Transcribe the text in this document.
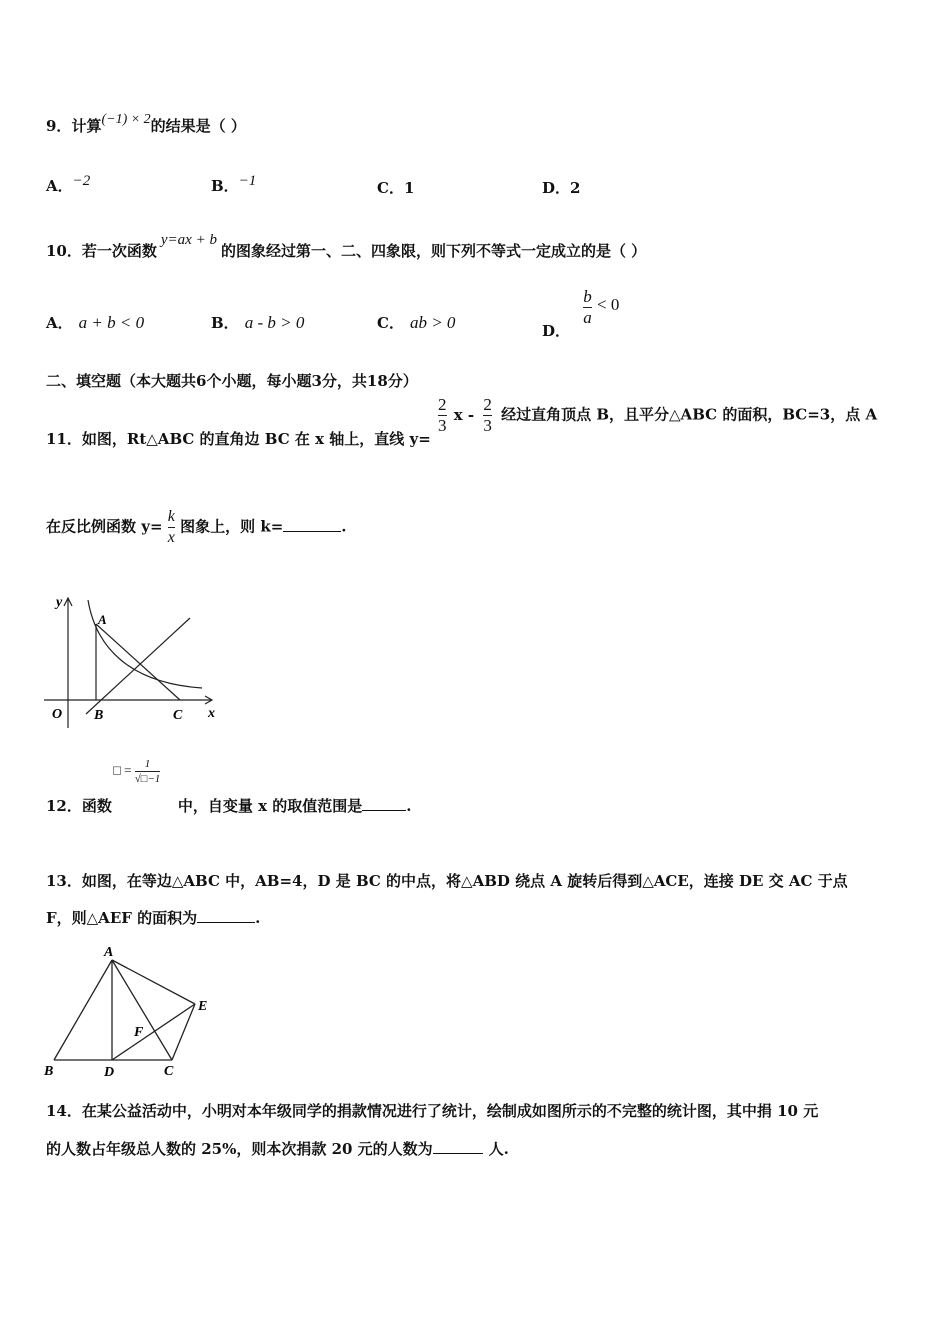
9．计算(−1) × 2的结果是（ ）
A．−2	B．−1	C．1	D．2
10．若一次函数y=ax + b的图象经过第一、二、四象限，则下列不等式一定成立的是（ ）
A． a + b < 0	B． a - b > 0	C． ab > 0	D．
$\frac{b}{a} < 0$
二、填空题（本大题共6个小题，每小题3分，共18分）
11．如图，Rt△ABC 的直角边 BC 在 x 轴上，直线 y=
$\frac{2}{3}$ x - $\frac{2}{3}$ 经过直角顶点 B，且平分△ABC 的面积，BC=3，点 A
在反比例函数 $y= \frac{k}{x}$ 图象上，则 k=	.
y
A
O B	C x
□ = $\frac{1}{√□-1}$
12．函数	中，自变量 x 的取值范围是	.
13．如图，在等边△ABC 中，AB=4，D 是 BC 的中点，将△ABD 绕点 A 旋转后得到△ACE，连接 DE 交 AC 于点
F，则△AEF 的面积为	.
A
E
F
B	D	C
14．在某公益活动中，小明对本年级同学的捐款情况进行了统计，绘制成如图所示的不完整的统计图，其中捐 10 元
的人数占年级总人数的 25%，则本次捐款 20 元的人数为	人.
